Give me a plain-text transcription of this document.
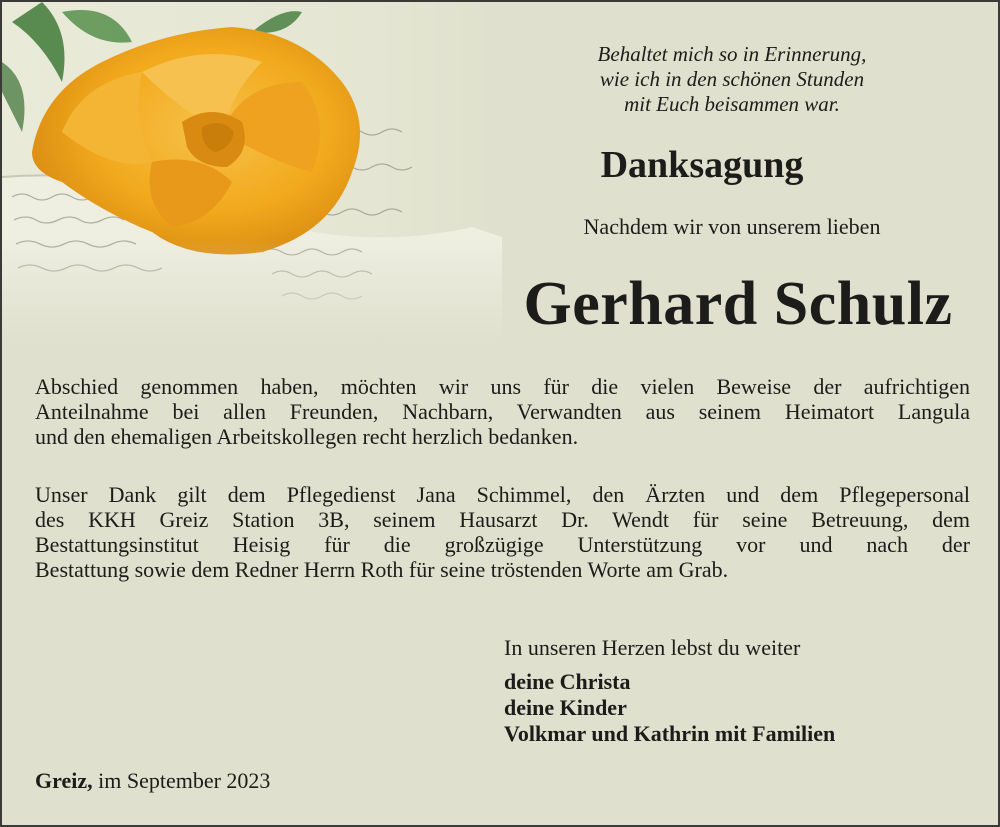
Behaltet mich so in Erinnerung,
wie ich in den schönen Stunden
mit Euch beisammen war.
Danksagung
Nachdem wir von unserem lieben
Gerhard Schulz
Abschied genommen haben, möchten wir uns für die vielen Beweise der aufrichtigen
Anteilnahme bei allen Freunden, Nachbarn, Verwandten aus seinem Heimatort Langula
und den ehemaligen Arbeitskollegen recht herzlich bedanken.
Unser Dank gilt dem Pflegedienst Jana Schimmel, den Ärzten und dem Pflegepersonal
des KKH Greiz Station 3B, seinem Hausarzt Dr. Wendt für seine Betreuung, dem
Bestattungsinstitut Heisig für die großzügige Unterstützung vor und nach der
Bestattung sowie dem Redner Herrn Roth für seine tröstenden Worte am Grab.
In unseren Herzen lebst du weiter
deine Christa
deine Kinder
Volkmar und Kathrin mit Familien
Greiz, im September 2023
